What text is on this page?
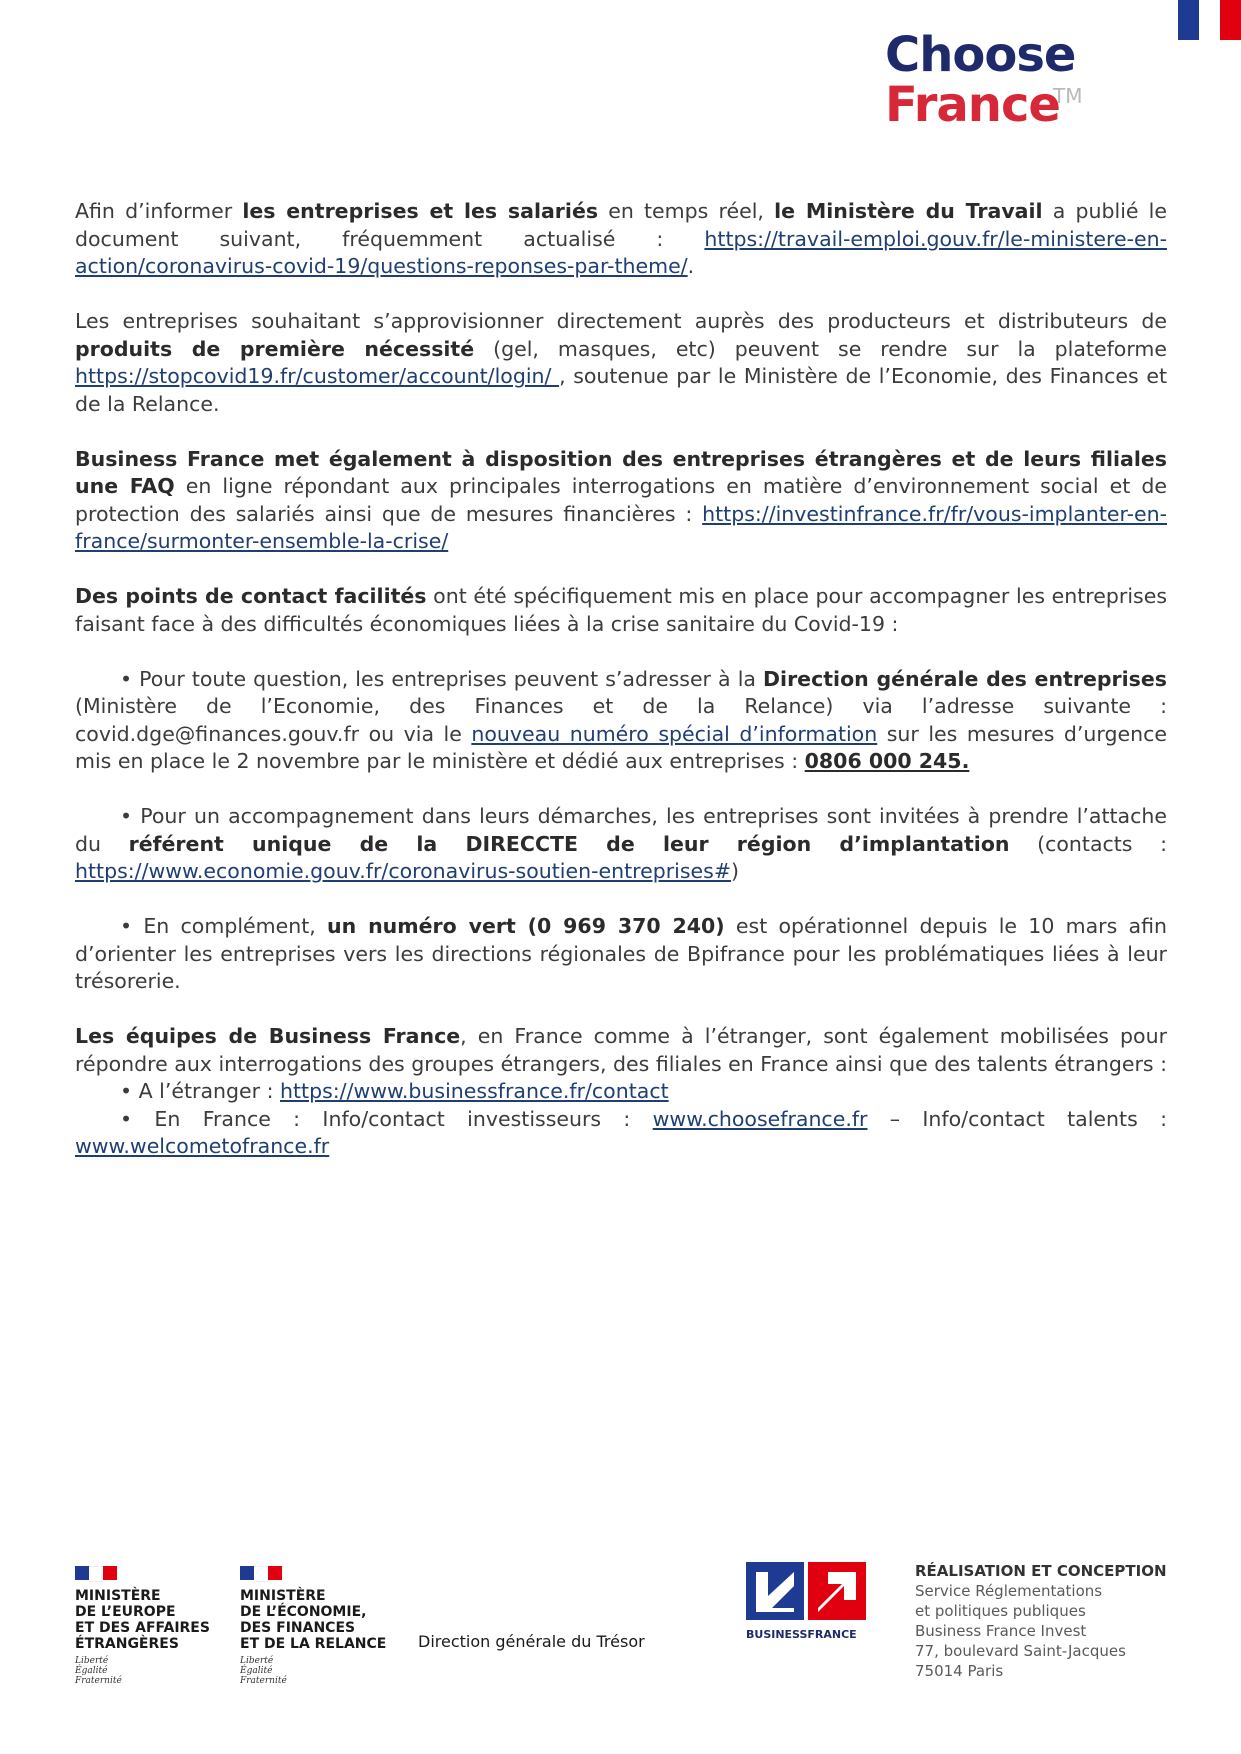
Choose
France
TM

Afin d’informer les entreprises et les salariés en temps réel, le Ministère du Travail a publié le document suivant, fréquemment actualisé : https://travail-emploi.gouv.fr/le-ministere-en-action/coronavirus-covid-19/questions-reponses-par-theme/.

Les entreprises souhaitant s’approvisionner directement auprès des producteurs et distributeurs de produits de première nécessité (gel, masques, etc) peuvent se rendre sur la plateforme https://stopcovid19.fr/customer/account/login/ , soutenue par le Ministère de l’Economie, des Finances et de la Relance.

Business France met également à disposition des entreprises étrangères et de leurs filiales une FAQ en ligne répondant aux principales interrogations en matière d’environnement social et de protection des salariés ainsi que de mesures financières : https://investinfrance.fr/fr/vous-implanter-en-france/surmonter-ensemble-la-crise/

Des points de contact facilités ont été spécifiquement mis en place pour accompagner les entreprises faisant face à des difficultés économiques liées à la crise sanitaire du Covid-19 :

• Pour toute question, les entreprises peuvent s’adresser à la Direction générale des entreprises (Ministère de l’Economie, des Finances et de la Relance) via l’adresse suivante : covid.dge@finances.gouv.fr ou via le nouveau numéro spécial d’information sur les mesures d’urgence mis en place le 2 novembre par le ministère et dédié aux entreprises : 0806 000 245.

• Pour un accompagnement dans leurs démarches, les entreprises sont invitées à prendre l’attache du référent unique de la DIRECCTE de leur région d’implantation (contacts : https://www.economie.gouv.fr/coronavirus-soutien-entreprises#)

• En complément, un numéro vert (0 969 370 240) est opérationnel depuis le 10 mars afin d’orienter les entreprises vers les directions régionales de Bpifrance pour les problématiques liées à leur trésorerie.

Les équipes de Business France, en France comme à l’étranger, sont également mobilisées pour répondre aux interrogations des groupes étrangers, des filiales en France ainsi que des talents étrangers :

• A l’étranger : https://www.businessfrance.fr/contact

• En France : Info/contact investisseurs : www.choosefrance.fr – Info/contact talents : www.welcometofrance.fr

MINISTÈRE
DE L’EUROPE
ET DES AFFAIRES
ÉTRANGÈRES
Liberté
Égalité
Fraternité
MINISTÈRE
DE L’ÉCONOMIE,
DES FINANCES
ET DE LA RELANCE
Liberté
Égalité
Fraternité
Direction générale du Trésor	BUSINESSFRANCE
RÉALISATION ET CONCEPTION
Service Réglementations
et politiques publiques
Business France Invest
77, boulevard Saint-Jacques
75014 Paris
